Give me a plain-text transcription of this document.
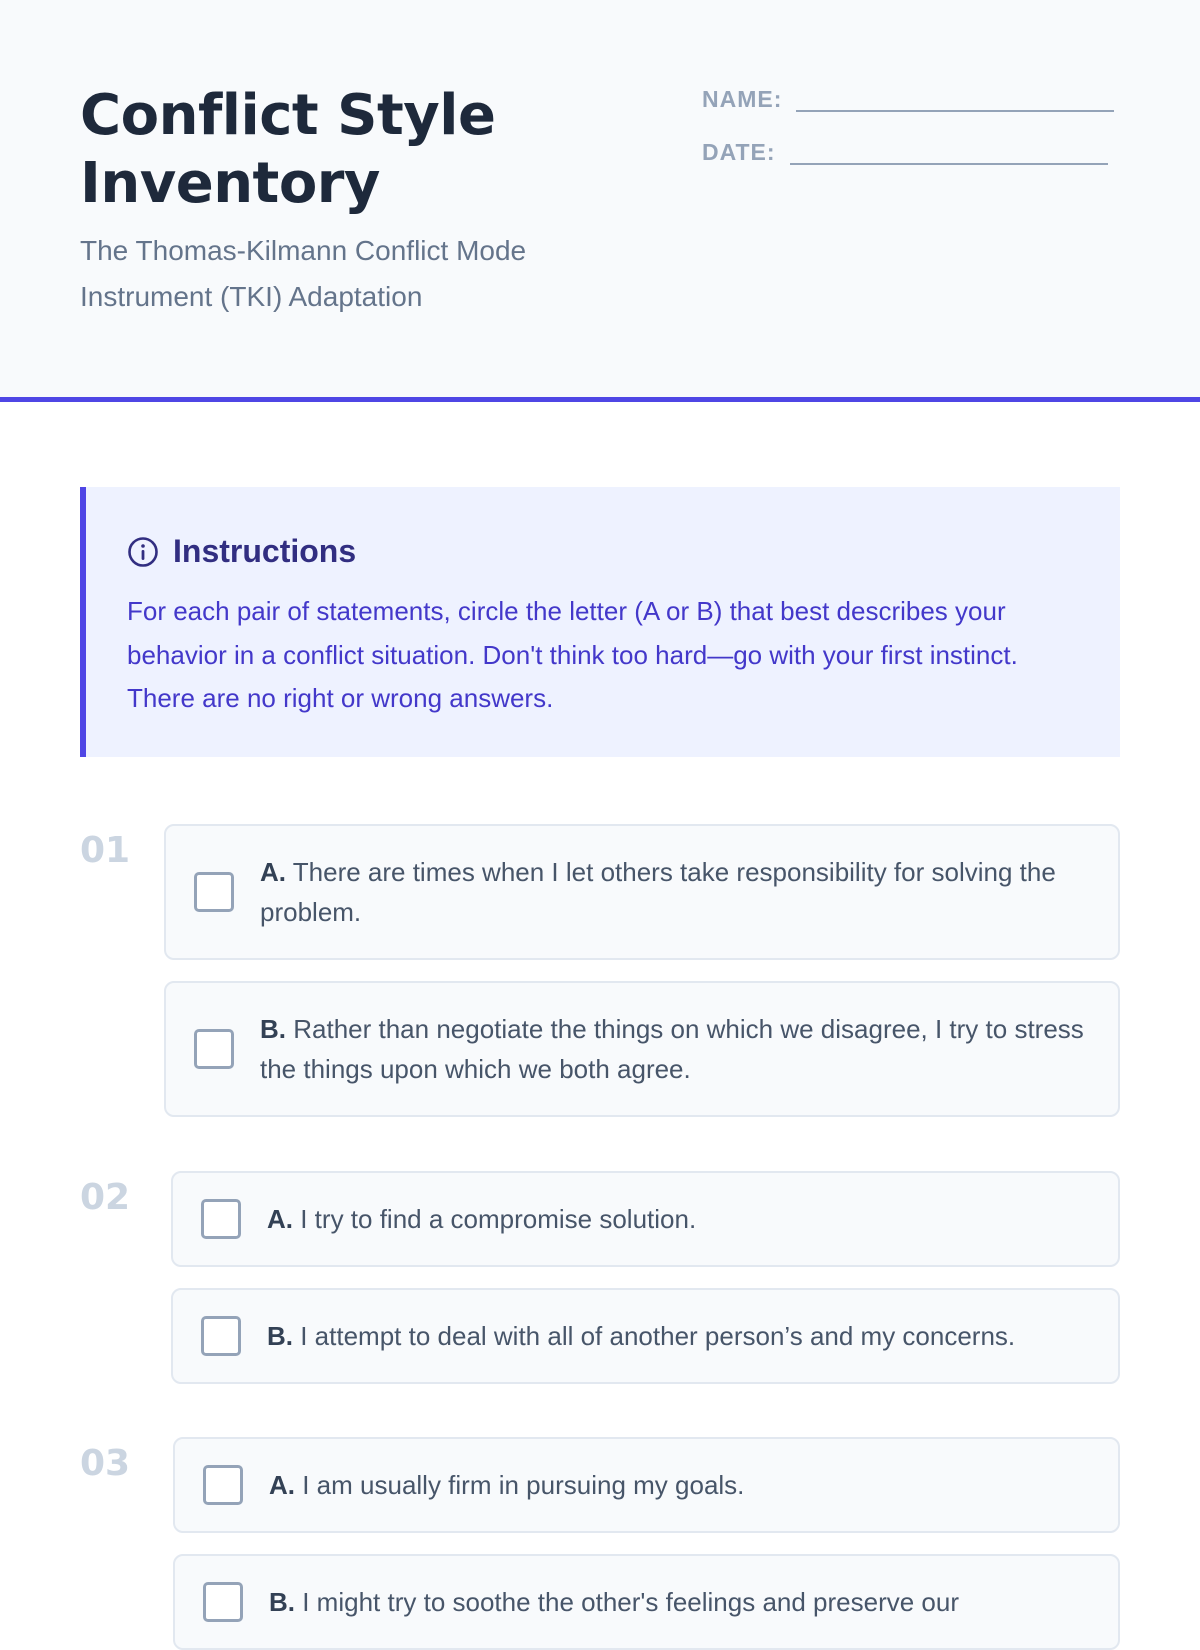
Conflict Style Inventory

The Thomas-Kilmann Conflict Mode Instrument (TKI) Adaptation

NAME:
DATE:
Instructions

For each pair of statements, circle the letter (A or B) that best describes your behavior in a conflict situation. Don't think too hard—go with your first instinct. There are no right or wrong answers.

01
A. There are times when I let others take responsibility for solving the problem.
B. Rather than negotiate the things on which we disagree, I try to stress the things upon which we both agree.
02
A. I try to find a compromise solution.
B. I attempt to deal with all of another person’s and my concerns.
03
A. I am usually firm in pursuing my goals.
B. I might try to soothe the other's feelings and preserve our
